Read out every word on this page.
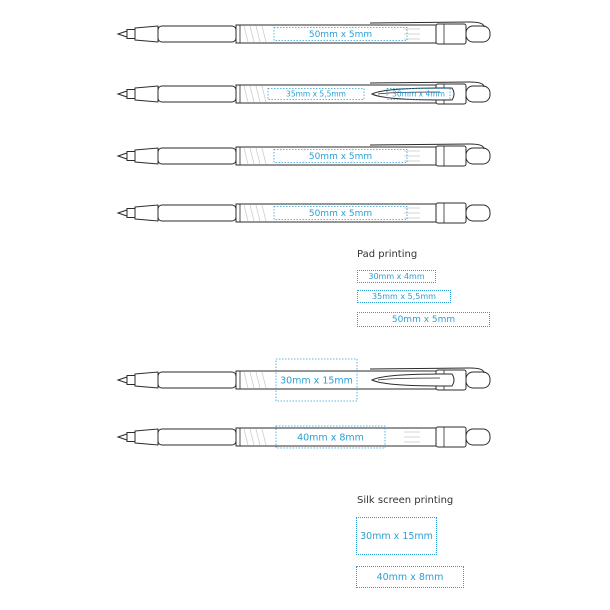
50mm x 5mm
35mm x 5,5mm	30mm x 4mm
50mm x 5mm
50mm x 5mm
30mm x 15mm
40mm x 8mm
Pad printing
30mm x 4mm
35mm x 5,5mm
50mm x 5mm
Silk screen printing
30mm x 15mm
40mm x 8mm
